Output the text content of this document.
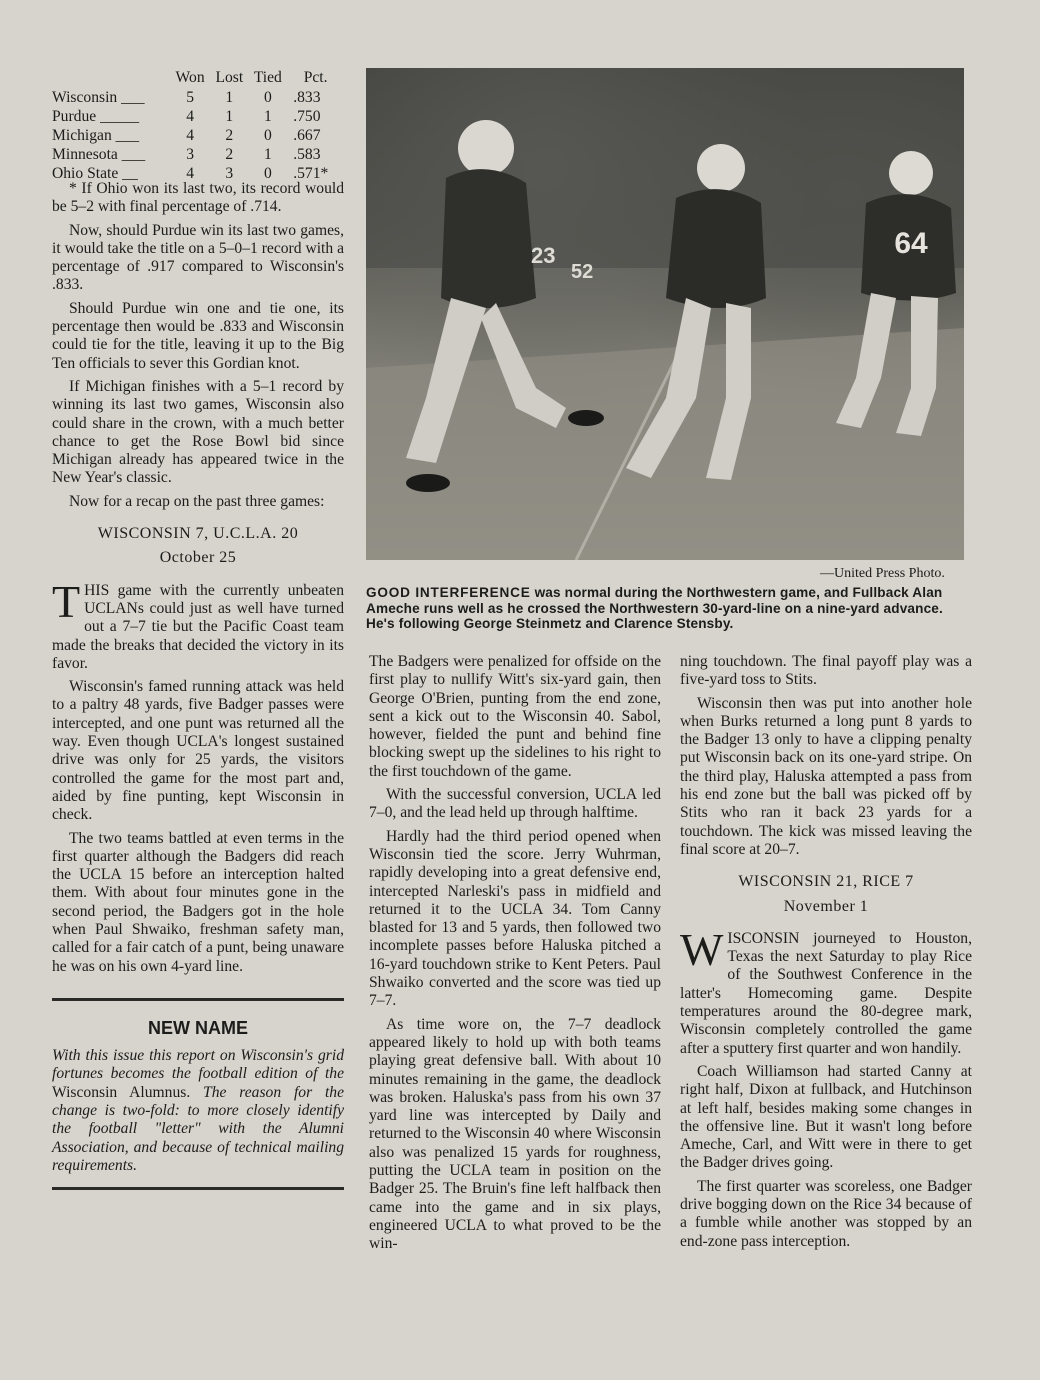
	Won	Lost	Tied	Pct.
Wisconsin ___	5	1	0	.833
Purdue _____	4	1	1	.750
Michigan ___	4	2	0	.667
Minnesota ___	3	2	1	.583
Ohio State __	4	3	0	.571*

* If Ohio won its last two, its record would be 5–2 with final percentage of .714.

Now, should Purdue win its last two games, it would take the title on a 5–0–1 record with a percentage of .917 compared to Wisconsin's .833.

Should Purdue win one and tie one, its percentage then would be .833 and Wisconsin could tie for the title, leaving it up to the Big Ten officials to sever this Gordian knot.

If Michigan finishes with a 5–1 record by winning its last two games, Wisconsin also could share in the crown, with a much better chance to get the Rose Bowl bid since Michigan already has appeared twice in the New Year's classic.

Now for a recap on the past three games:

WISCONSIN 7, U.C.L.A. 20

October 25

THIS game with the currently unbeaten UCLANs could just as well have turned out a 7–7 tie but the Pacific Coast team made the breaks that decided the victory in its favor.

Wisconsin's famed running attack was held to a paltry 48 yards, five Badger passes were intercepted, and one punt was returned all the way. Even though UCLA's longest sustained drive was only for 25 yards, the visitors controlled the game for the most part and, aided by fine punting, kept Wisconsin in check.

The two teams battled at even terms in the first quarter although the Badgers did reach the UCLA 15 before an interception halted them. With about four minutes gone in the second period, the Badgers got in the hole when Paul Shwaiko, freshman safety man, called for a fair catch of a punt, being unaware he was on his own 4-yard line.

NEW NAME

With this issue this report on Wisconsin's grid fortunes becomes the football edition of the Wisconsin Alumnus. The reason for the change is two-fold: to more closely identify the football "letter" with the Alumni Association, and because of technical mailing requirements.

64
23
52
—United Press Photo.
GOOD INTERFERENCE was normal during the Northwestern game, and Fullback Alan Ameche runs well as he crossed the Northwestern 30-yard-line on a nine-yard advance. He's following George Steinmetz and Clarence Stensby.

The Badgers were penalized for offside on the first play to nullify Witt's six-yard gain, then George O'Brien, punting from the end zone, sent a kick out to the Wisconsin 40. Sabol, however, fielded the punt and behind fine blocking swept up the sidelines to his right to the first touchdown of the game.

With the successful conversion, UCLA led 7–0, and the lead held up through halftime.

Hardly had the third period opened when Wisconsin tied the score. Jerry Wuhrman, rapidly developing into a great defensive end, intercepted Narleski's pass in midfield and returned it to the UCLA 34. Tom Canny blasted for 13 and 5 yards, then followed two incomplete passes before Haluska pitched a 16-yard touchdown strike to Kent Peters. Paul Shwaiko converted and the score was tied up 7–7.

As time wore on, the 7–7 deadlock appeared likely to hold up with both teams playing great defensive ball. With about 10 minutes remaining in the game, the deadlock was broken. Haluska's pass from his own 37 yard line was intercepted by Daily and returned to the Wisconsin 40 where Wisconsin also was penalized 15 yards for roughness, putting the UCLA team in position on the Badger 25. The Bruin's fine left halfback then came into the game and in six plays, engineered UCLA to what proved to be the win-

ning touchdown. The final payoff play was a five-yard toss to Stits.

Wisconsin then was put into another hole when Burks returned a long punt 8 yards to the Badger 13 only to have a clipping penalty put Wisconsin back on its one-yard stripe. On the third play, Haluska attempted a pass from his end zone but the ball was picked off by Stits who ran it back 23 yards for a touchdown. The kick was missed leaving the final score at 20–7.

WISCONSIN 21, RICE 7

November 1

WISCONSIN journeyed to Houston, Texas the next Saturday to play Rice of the Southwest Conference in the latter's Homecoming game. Despite temperatures around the 80-degree mark, Wisconsin completely controlled the game after a sputtery first quarter and won handily.

Coach Williamson had started Canny at right half, Dixon at fullback, and Hutchinson at left half, besides making some changes in the offensive line. But it wasn't long before Ameche, Carl, and Witt were in there to get the Badger drives going.

The first quarter was scoreless, one Badger drive bogging down on the Rice 34 because of a fumble while another was stopped by an end-zone pass interception.
